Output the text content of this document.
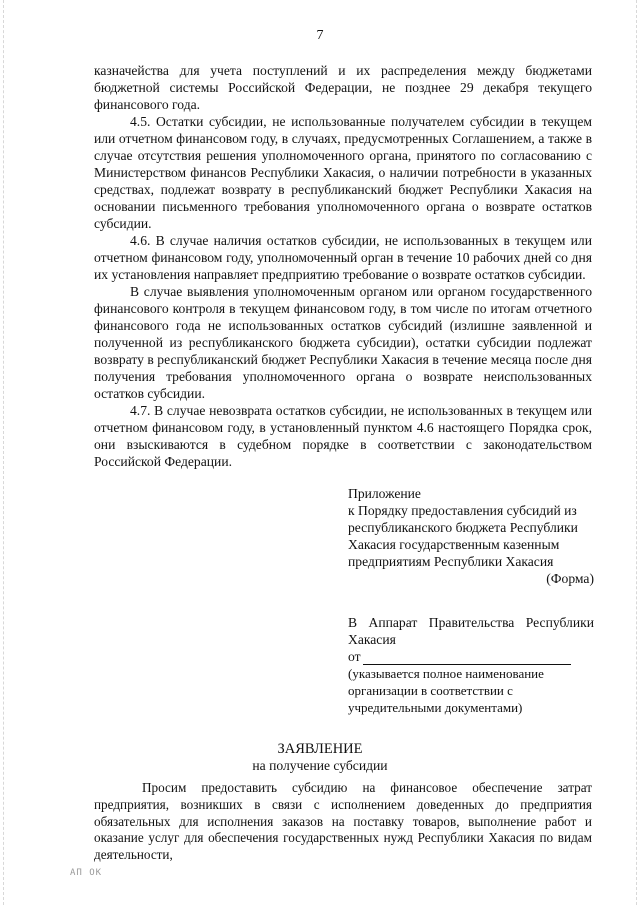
7

казначейства для учета поступлений и их распределения между бюджетами бюджетной системы Российской Федерации, не позднее 29 декабря текущего финансового года.

4.5. Остатки субсидии, не использованные получателем субсидии в текущем или отчетном финансовом году, в случаях, предусмотренных Соглашением, а также в случае отсутствия решения уполномоченного органа, принятого по согласованию с Министерством финансов Республики Хакасия, о наличии потребности в указанных средствах, подлежат возврату в республиканский бюджет Республики Хакасия на основании письменного требования уполномоченного органа о возврате остатков субсидии.

4.6. В случае наличия остатков субсидии, не использованных в текущем или отчетном финансовом году, уполномоченный орган в течение 10 рабочих дней со дня их установления направляет предприятию требование о возврате остатков субсидии.

В случае выявления уполномоченным органом или органом государственного финансового контроля в текущем финансовом году, в том числе по итогам отчетного финансового года не использованных остатков субсидий (излишне заявленной и полученной из республиканского бюджета субсидии), остатки субсидии подлежат возврату в республиканский бюджет Республики Хакасия в течение месяца после дня получения требования уполномоченного органа о возврате неиспользованных остатков субсидии.

4.7. В случае невозврата остатков субсидии, не использованных в текущем или отчетном финансовом году, в установленный пунктом 4.6 настоящего Порядка срок, они взыскиваются в судебном порядке в соответствии с законодательством Российской Федерации.

Приложение
к Порядку предоставления субсидий из республиканского бюджета Республики Хакасия государственным казенным предприятиям Республики Хакасия
(Форма)
В Аппарат Правительства Республики
Хакасия
от
(указывается полное наименование организации в соответствии с учредительными документами)
ЗАЯВЛЕНИЕ
на получение субсидии

Просим предоставить субсидию на финансовое обеспечение затрат предприятия, возникших в связи с исполнением доведенных до предприятия обязательных для исполнения заказов на поставку товаров, выполнение работ и оказание услуг для обеспечения государственных нужд Республики Хакасия по видам деятельности,

АП ОК
